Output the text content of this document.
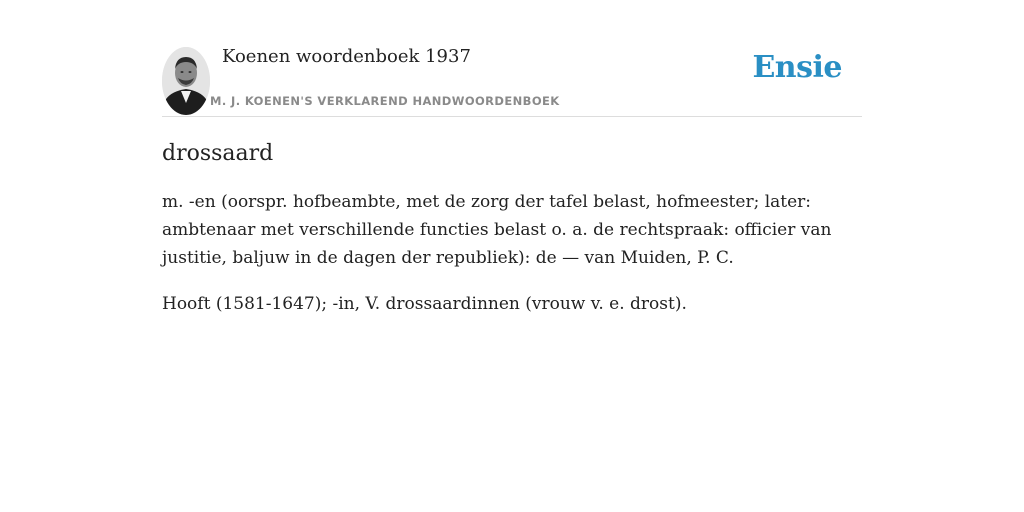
Koenen woordenboek 1937
M. J. KOENEN'S VERKLAREND HANDWOORDENBOEK
Ensie
drossaard

m. -en (oorspr. hofbeambte, met de zorg der tafel belast, hofmeester; later: ambtenaar met verschillende functies belast o. a. de rechtspraak: officier van justitie, baljuw in de dagen der republiek): de — van Muiden, P. C.

Hooft (1581-1647); -in, V. drossaardinnen (vrouw v. e. drost).
